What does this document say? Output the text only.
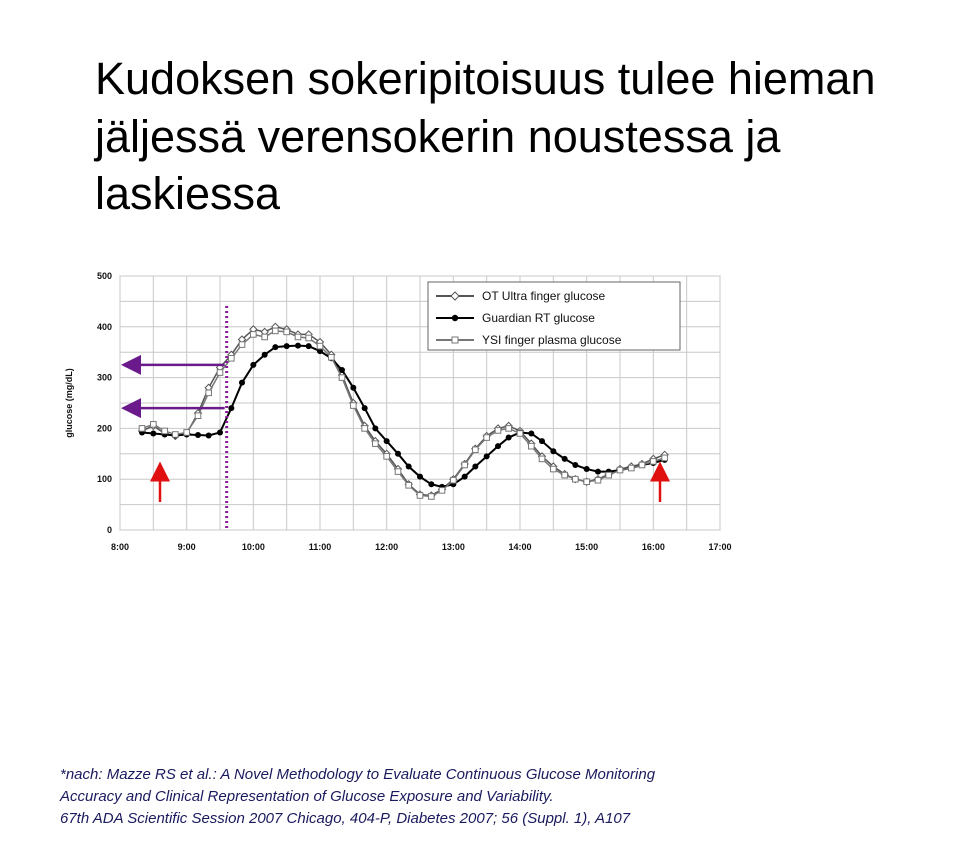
Kudoksen sokeripitoisuus tulee hieman
jäljessä verensokerin noustessa ja
laskiessa
0
100
200
300
400
500
8:00	9:00	10:00	11:00	12:00	13:00	14:00	15:00	16:00	17:00
glucose (mg/dL)
OT Ultra finger glucose
Guardian RT glucose
YSI finger plasma glucose
*nach: Mazze RS et al.: A Novel Methodology to Evaluate Continuous Glucose Monitoring
Accuracy and Clinical Representation of Glucose Exposure and Variability.
67th ADA Scientific Session 2007 Chicago, 404-P, Diabetes 2007; 56 (Suppl. 1), A107
